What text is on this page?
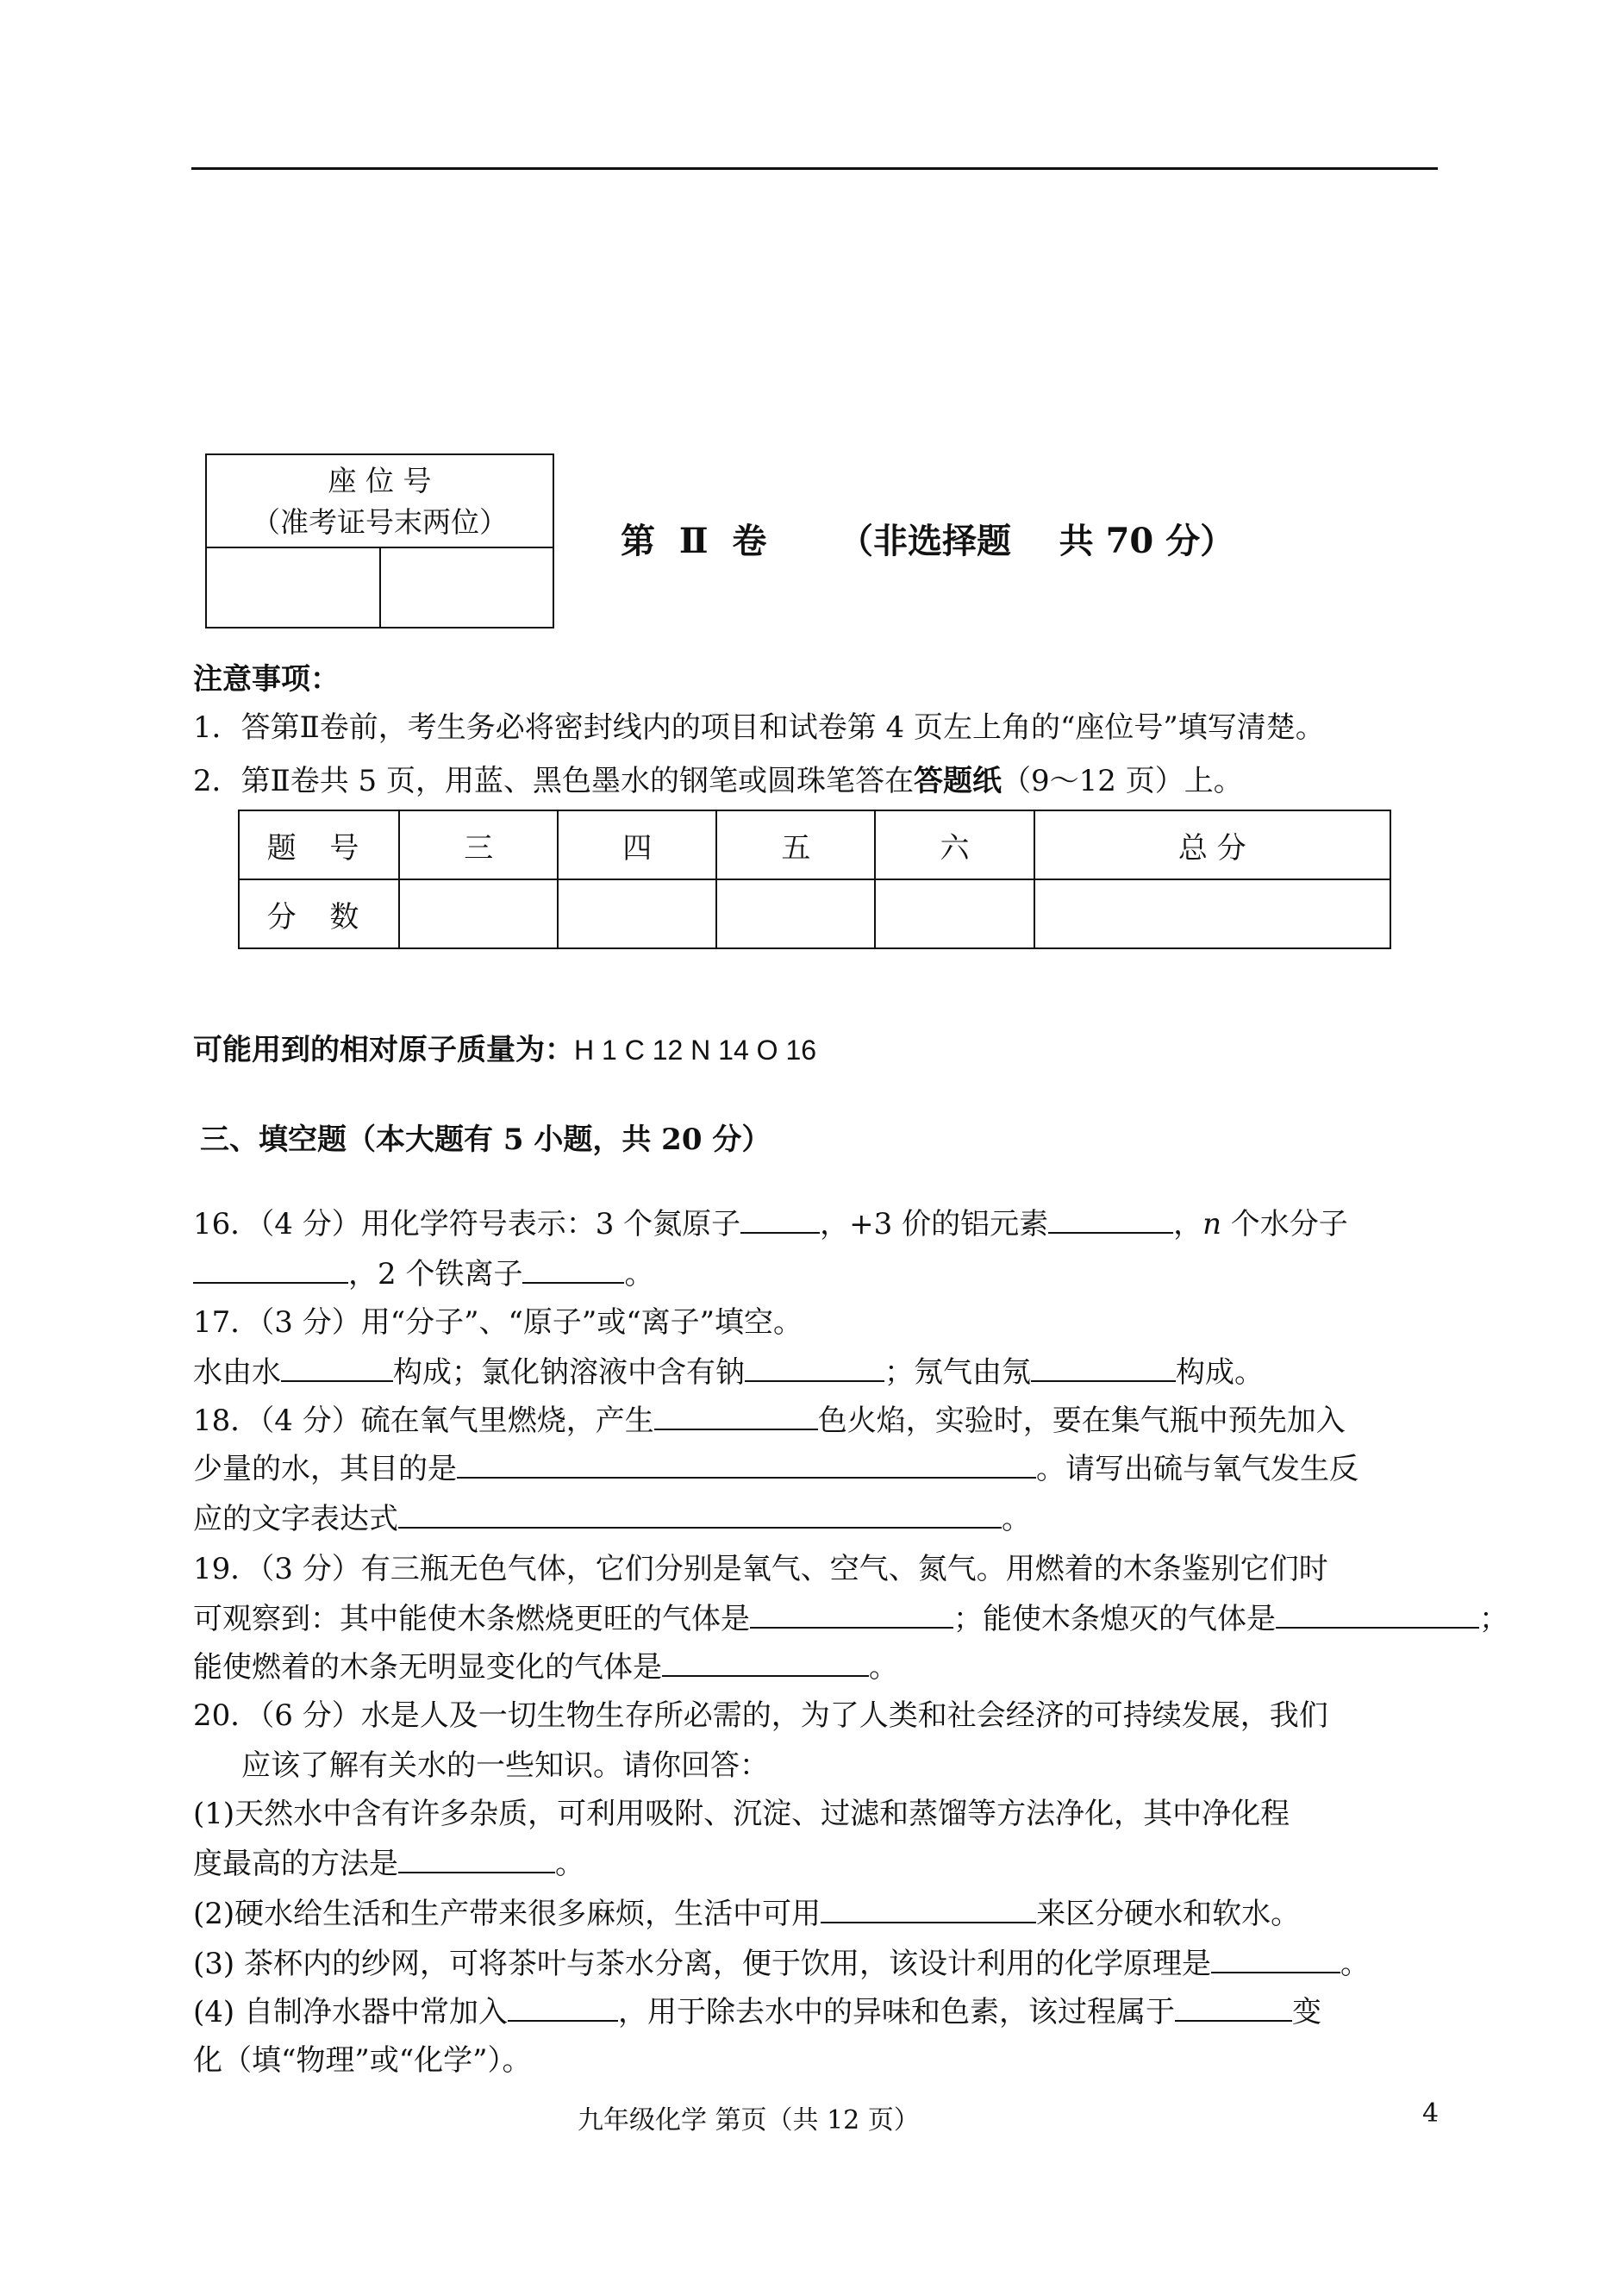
座 位 号
（准考证号末两位）	第  Ⅱ  卷      （非选择题    共 70 分）
注意事项：
1．答第Ⅱ卷前，考生务必将密封线内的项目和试卷第 4 页左上角的“座位号”填写清楚。
2．第Ⅱ卷共 5 页，用蓝、黑色墨水的钢笔或圆珠笔答在答题纸（9～12 页）上。
题 号	三	四	五	六	总 分
分 数					
可能用到的相对原子质量为：H 1 C 12 N 14 O 16
三、填空题（本大题有 5 小题，共 20 分）
16．（4 分）用化学符号表示：3 个氮原子	，+3 价的铝元素	，n 个水分子
，2 个铁离子	。
17．（3 分）用“分子”、“原子”或“离子”填空。
水由水	构成；氯化钠溶液中含有钠	；氖气由氖	构成。
18．（4 分）硫在氧气里燃烧，产生	色火焰，实验时，要在集气瓶中预先加入
少量的水，其目的是	。请写出硫与氧气发生反
应的文字表达式	。
19．（3 分）有三瓶无色气体，它们分别是氧气、空气、氮气。用燃着的木条鉴别它们时
可观察到：其中能使木条燃烧更旺的气体是	；能使木条熄灭的气体是	；
能使燃着的木条无明显变化的气体是	。
20．（6 分）水是人及一切生物生存所必需的，为了人类和社会经济的可持续发展，我们
应该了解有关水的一些知识。请你回答：
(1)天然水中含有许多杂质，可利用吸附、沉淀、过滤和蒸馏等方法净化，其中净化程
度最高的方法是	。
(2)硬水给生活和生产带来很多麻烦，生活中可用	来区分硬水和软水。
(3) 茶杯内的纱网，可将茶叶与茶水分离，便于饮用，该设计利用的化学原理是	。
(4) 自制净水器中常加入	，用于除去水中的异味和色素，该过程属于	变
化（填“物理”或“化学”）。
九年级化学 第页（共 12 页）	4
